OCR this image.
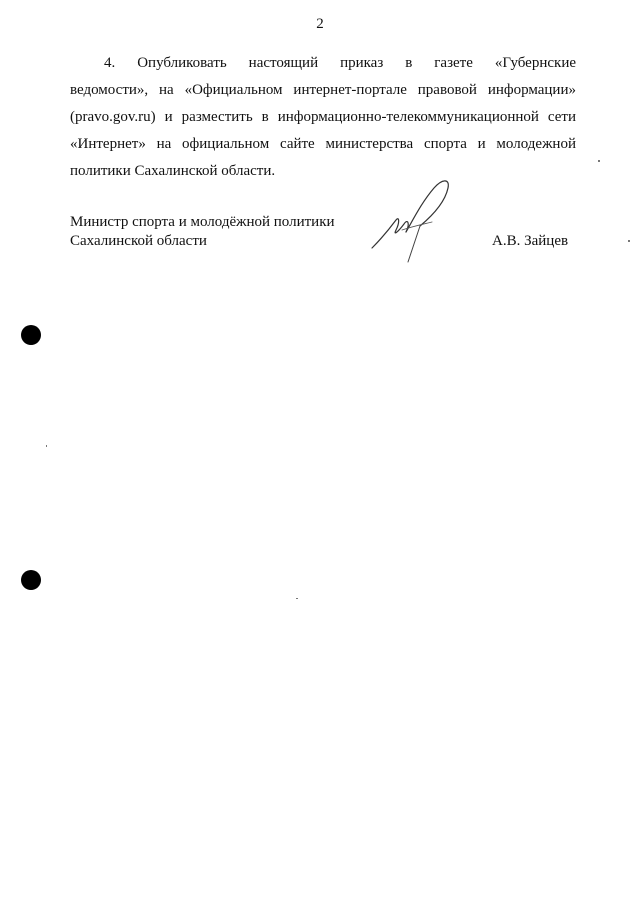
2
4. Опубликовать настоящий приказ в газете «Губернские
ведомости», на «Официальном интернет-портале правовой информации»
(pravo.gov.ru) и разместить в информационно-телекоммуникационной сети
«Интернет» на официальном сайте министерства спорта и молодежной
политики Сахалинской области.
Министр спорта и молодёжной политики
Сахалинской области	А.В. Зайцев
